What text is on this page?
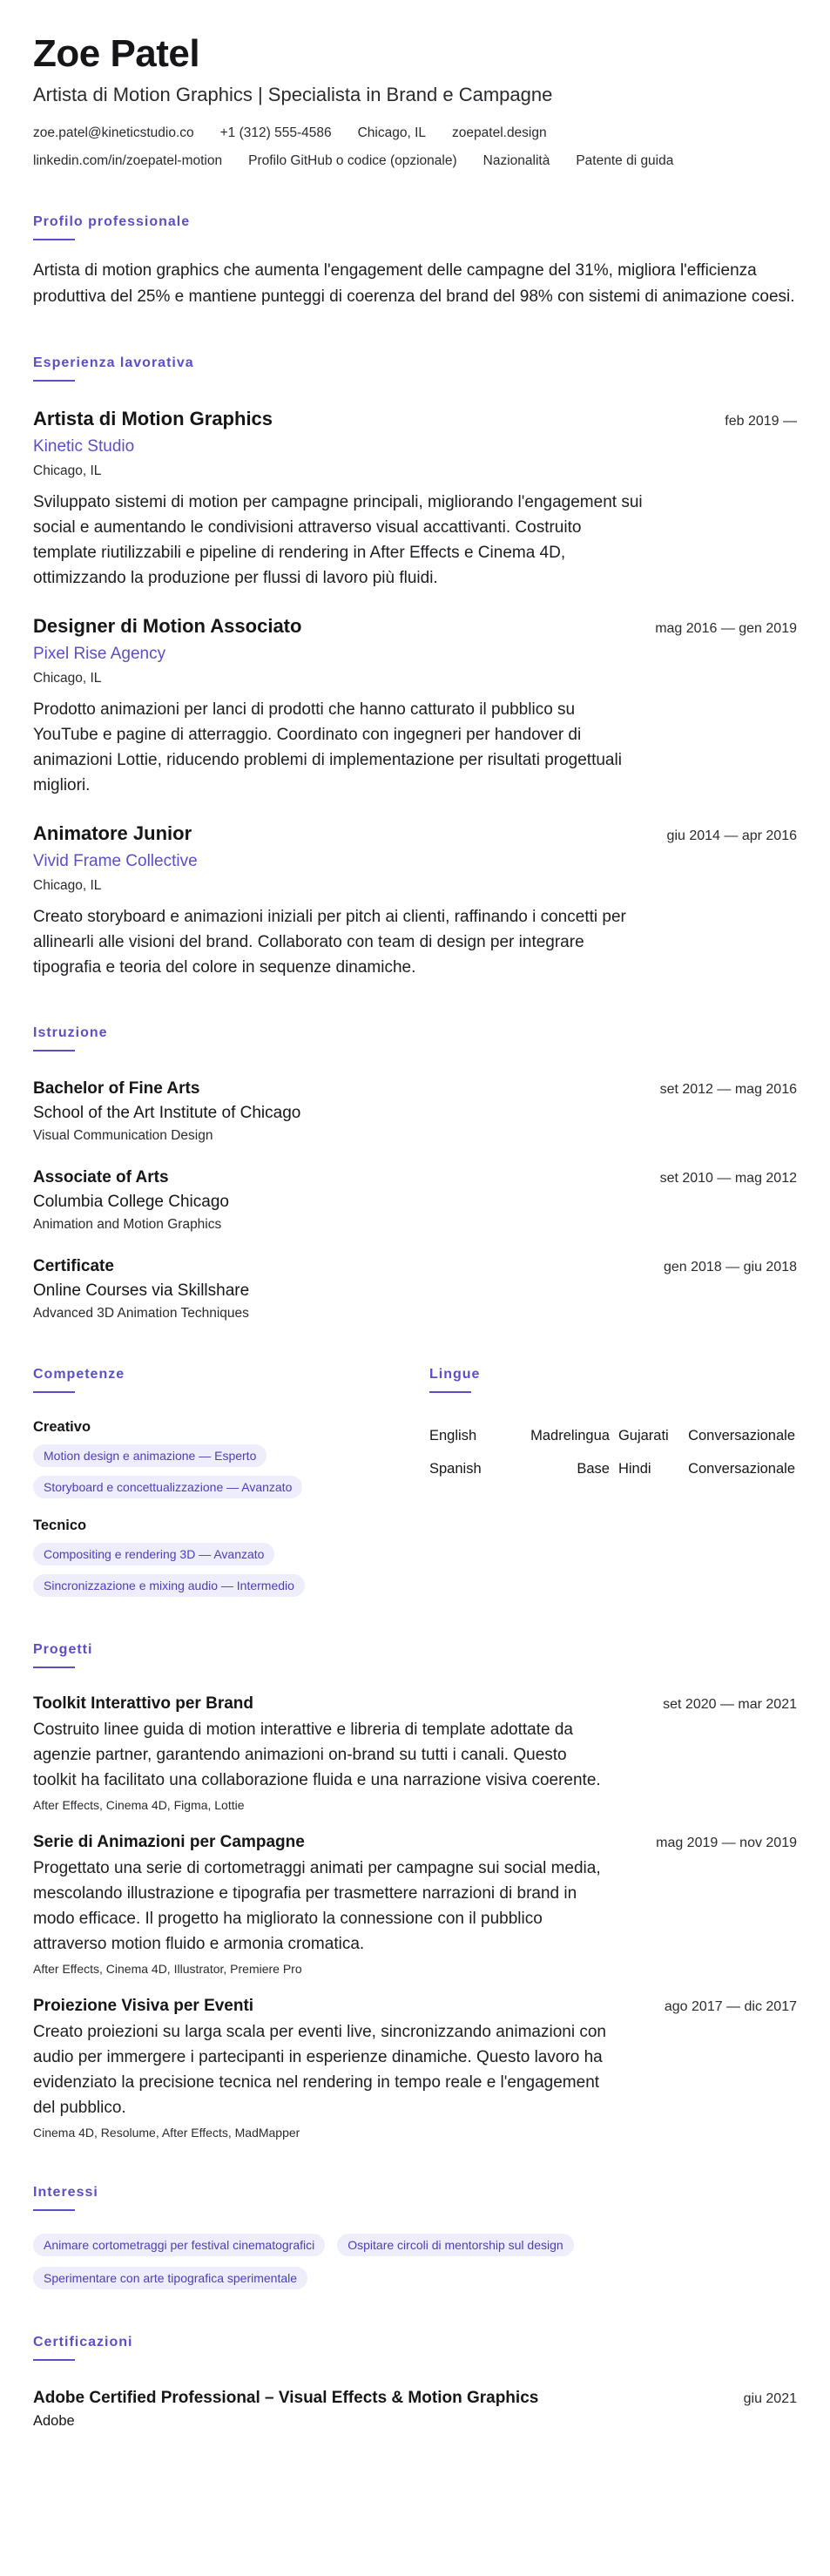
Zoe Patel
Artista di Motion Graphics | Specialista in Brand e Campagne
zoe.patel@kineticstudio.co +1 (312) 555-4586 Chicago, IL zoepatel.design
linkedin.com/in/zoepatel-motion Profilo GitHub o codice (opzionale) Nazionalità Patente di guida
Profilo professionale
Artista di motion graphics che aumenta l'engagement delle campagne del 31%, migliora l'efficienza produttiva del 25% e mantiene punteggi di coerenza del brand del 98% con sistemi di animazione coesi.
Esperienza lavorativa
Artista di Motion Graphics	feb 2019 —
Kinetic Studio
Chicago, IL
Sviluppato sistemi di motion per campagne principali, migliorando l'engagement sui social e aumentando le condivisioni attraverso visual accattivanti. Costruito template riutilizzabili e pipeline di rendering in After Effects e Cinema 4D, ottimizzando la produzione per flussi di lavoro più fluidi.
Designer di Motion Associato	mag 2016 — gen 2019
Pixel Rise Agency
Chicago, IL
Prodotto animazioni per lanci di prodotti che hanno catturato il pubblico su YouTube e pagine di atterraggio. Coordinato con ingegneri per handover di animazioni Lottie, riducendo problemi di implementazione per risultati progettuali migliori.
Animatore Junior	giu 2014 — apr 2016
Vivid Frame Collective
Chicago, IL
Creato storyboard e animazioni iniziali per pitch ai clienti, raffinando i concetti per allinearli alle visioni del brand. Collaborato con team di design per integrare tipografia e teoria del colore in sequenze dinamiche.
Istruzione
Bachelor of Fine Arts	set 2012 — mag 2016
School of the Art Institute of Chicago
Visual Communication Design
Associate of Arts	set 2010 — mag 2012
Columbia College Chicago
Animation and Motion Graphics
Certificate	gen 2018 — giu 2018
Online Courses via Skillshare
Advanced 3D Animation Techniques
Competenze
Creativo
Motion design e animazione — Esperto
Storyboard e concettualizzazione — Avanzato
Tecnico
Compositing e rendering 3D — Avanzato
Sincronizzazione e mixing audio — Intermedio
Lingue
English	Madrelingua Gujarati	Conversazionale
Spanish	Base Hindi	Conversazionale
Progetti
Toolkit Interattivo per Brand	set 2020 — mar 2021
Costruito linee guida di motion interattive e libreria di template adottate da agenzie partner, garantendo animazioni on-brand su tutti i canali. Questo toolkit ha facilitato una collaborazione fluida e una narrazione visiva coerente.
After Effects, Cinema 4D, Figma, Lottie
Serie di Animazioni per Campagne	mag 2019 — nov 2019
Progettato una serie di cortometraggi animati per campagne sui social media, mescolando illustrazione e tipografia per trasmettere narrazioni di brand in modo efficace. Il progetto ha migliorato la connessione con il pubblico attraverso motion fluido e armonia cromatica.
After Effects, Cinema 4D, Illustrator, Premiere Pro
Proiezione Visiva per Eventi	ago 2017 — dic 2017
Creato proiezioni su larga scala per eventi live, sincronizzando animazioni con audio per immergere i partecipanti in esperienze dinamiche. Questo lavoro ha evidenziato la precisione tecnica nel rendering in tempo reale e l'engagement del pubblico.
Cinema 4D, Resolume, After Effects, MadMapper
Interessi
Animare cortometraggi per festival cinematografici	Ospitare circoli di mentorship sul design
Sperimentare con arte tipografica sperimentale
Certificazioni
Adobe Certified Professional – Visual Effects & Motion Graphics	giu 2021
Adobe
